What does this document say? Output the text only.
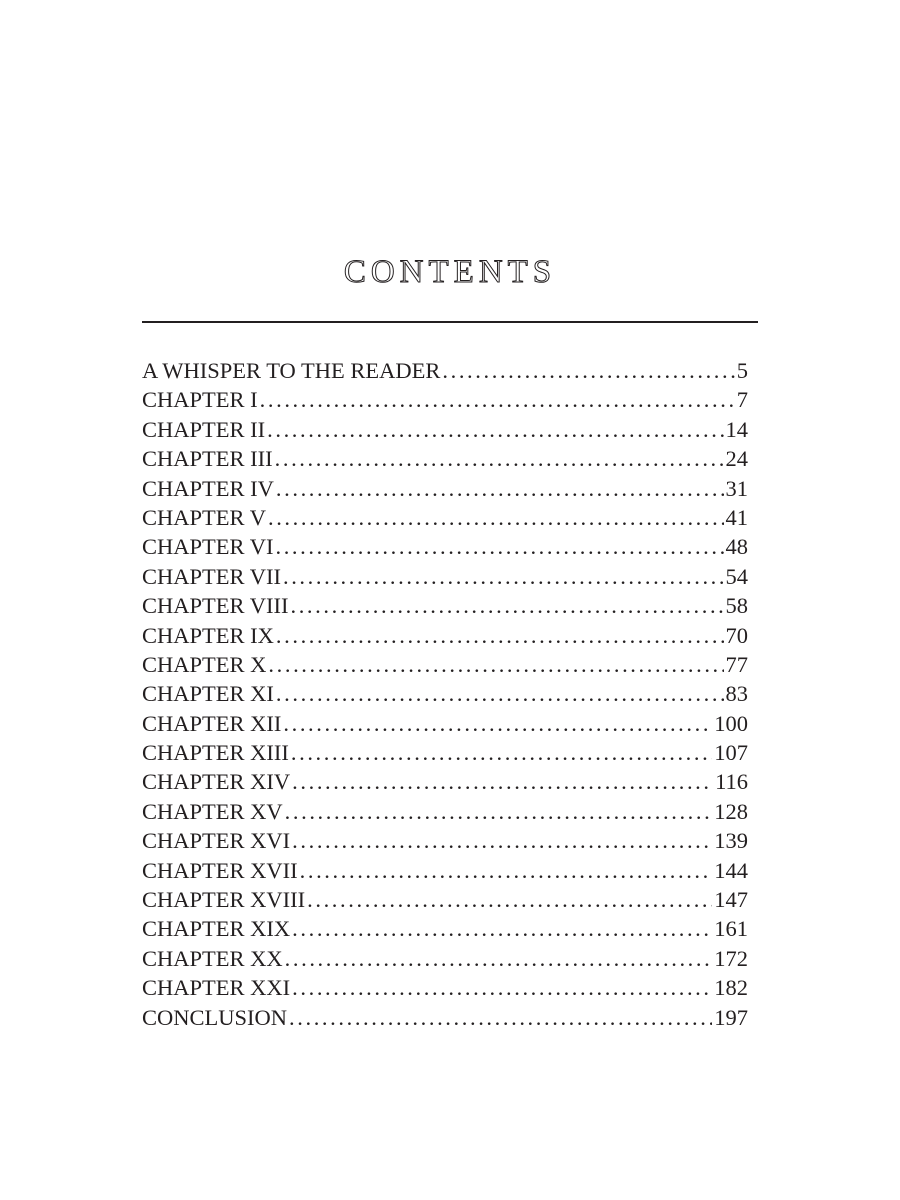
CONTENTS
A WHISPER TO THE READER .....	5
CHAPTER I .....	7
CHAPTER II .....	14
CHAPTER III .....	24
CHAPTER IV .....	31
CHAPTER V .....	41
CHAPTER VI .....	48
CHAPTER VII .....	54
CHAPTER VIII .....	58
CHAPTER IX .....	70
CHAPTER X .....	77
CHAPTER XI .....	83
CHAPTER XII .....	100
CHAPTER XIII .....	107
CHAPTER XIV .....	116
CHAPTER XV .....	128
CHAPTER XVI .....	139
CHAPTER XVII .....	144
CHAPTER XVIII .....	147
CHAPTER XIX .....	161
CHAPTER XX .....	172
CHAPTER XXI .....	182
CONCLUSION .....	197
